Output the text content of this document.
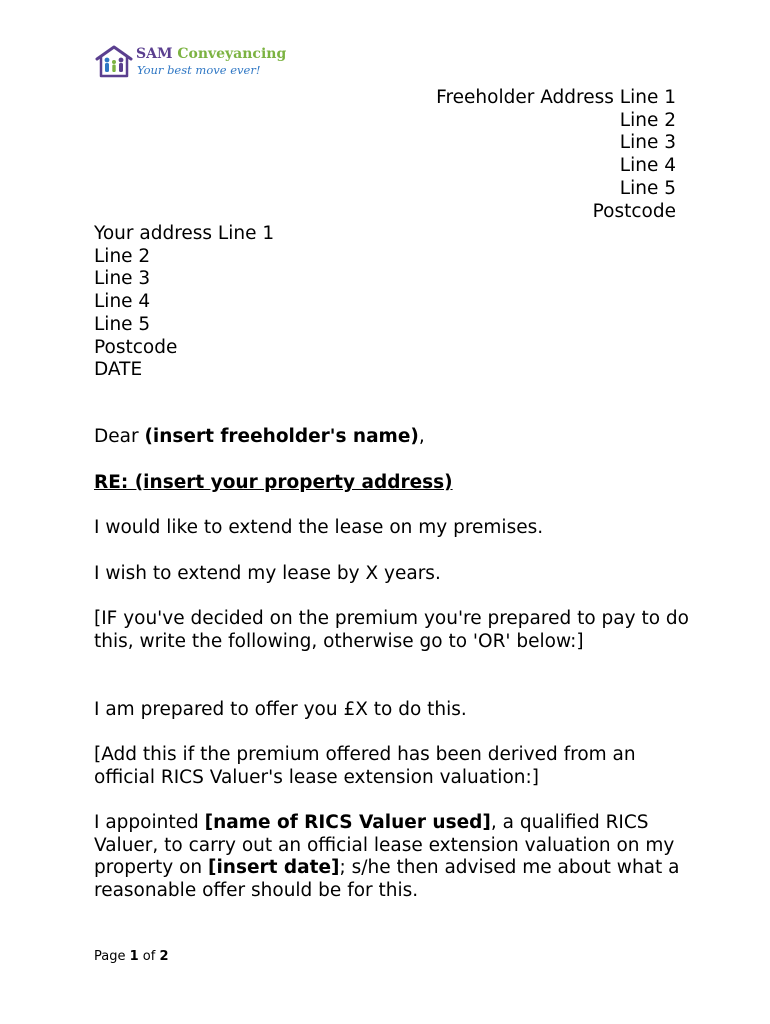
SAM Conveyancing
Your best move ever!
Freeholder Address Line 1
Line 2
Line 3
Line 4
Line 5
Postcode
Your address Line 1
Line 2
Line 3
Line 4
Line 5
Postcode
DATE
Dear (insert freeholder's name),
RE: (insert your property address)
I would like to extend the lease on my premises.
I wish to extend my lease by X years.
[IF you've decided on the premium you're prepared to pay to do this, write the following, otherwise go to 'OR' below:]
I am prepared to offer you £X to do this.
[Add this if the premium offered has been derived from an official RICS Valuer's lease extension valuation:]
I appointed [name of RICS Valuer used], a qualified RICS Valuer, to carry out an official lease extension valuation on my property on [insert date]; s/he then advised me about what a reasonable offer should be for this.
Page 1 of 2
